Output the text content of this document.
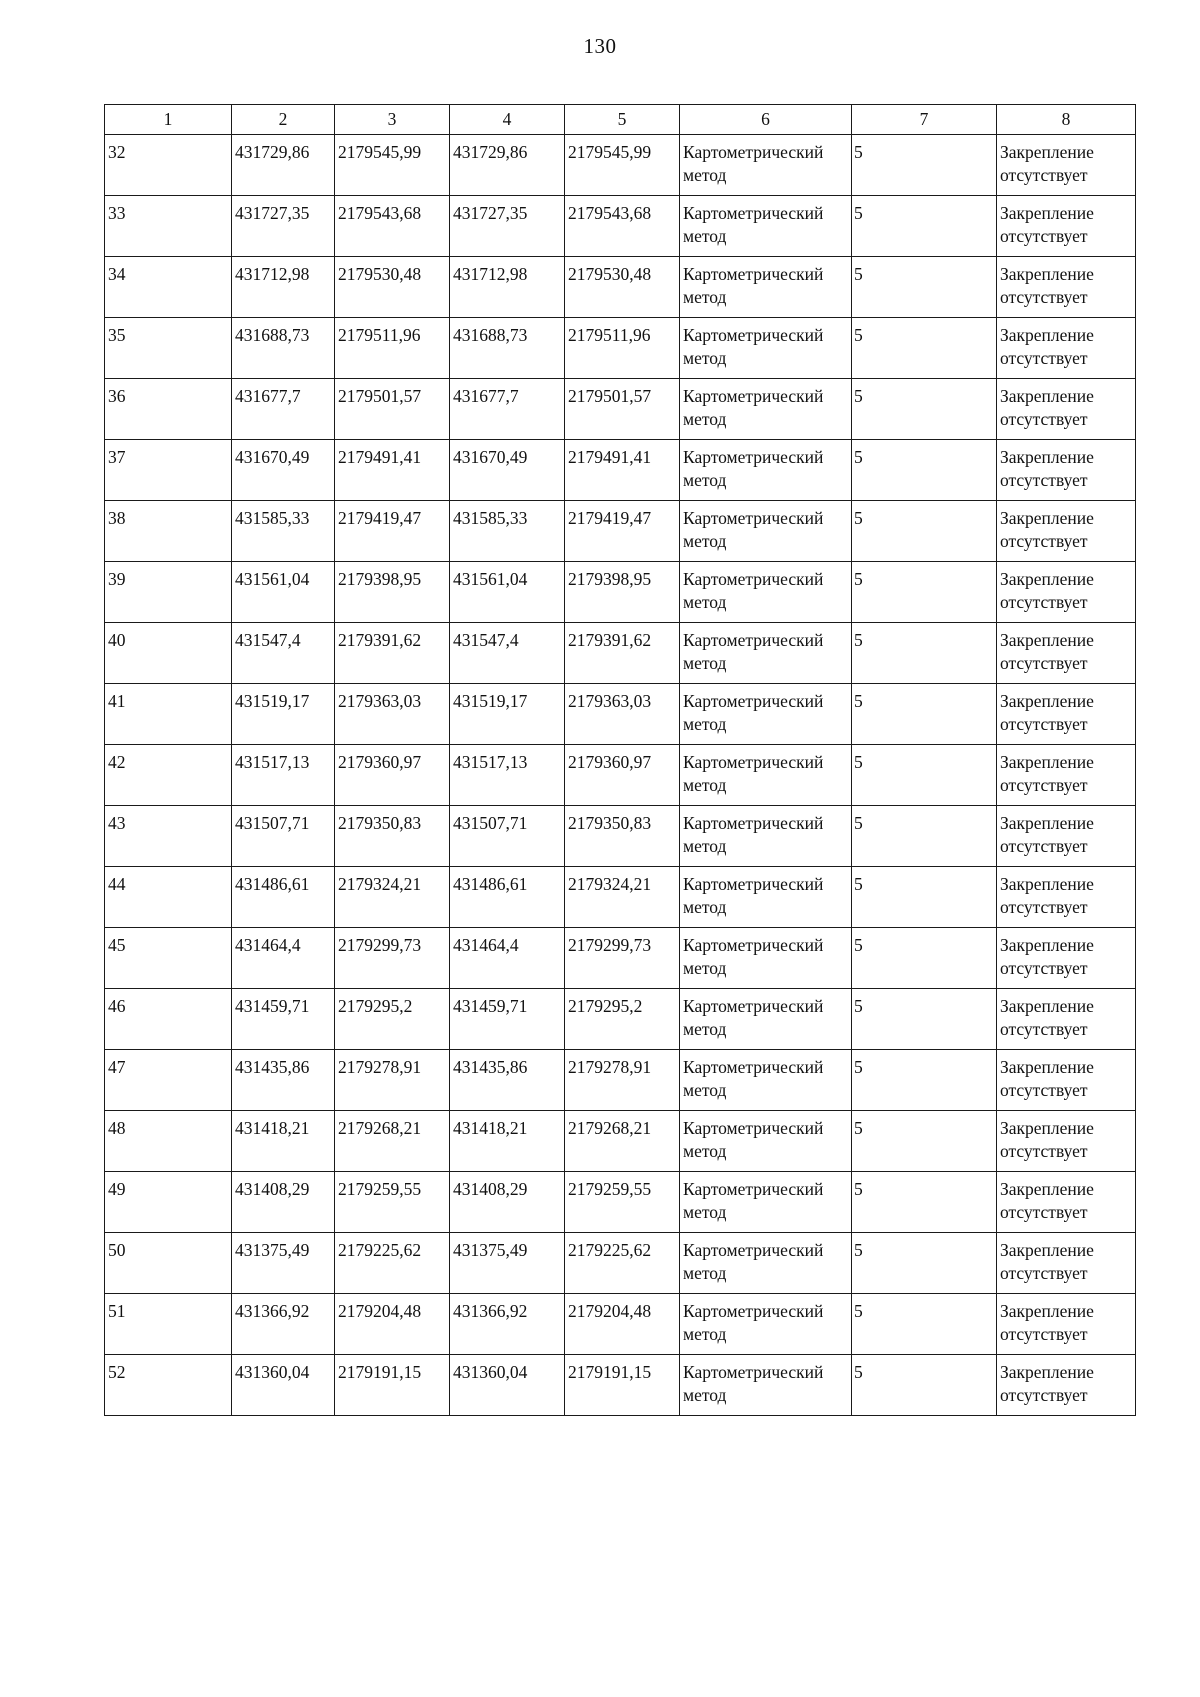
130
1	2	3	4	5	6	7	8
32	431729,86	2179545,99	431729,86	2179545,99	Картометрический метод	5	Закрепление отсутствует
33	431727,35	2179543,68	431727,35	2179543,68	Картометрический метод	5	Закрепление отсутствует
34	431712,98	2179530,48	431712,98	2179530,48	Картометрический метод	5	Закрепление отсутствует
35	431688,73	2179511,96	431688,73	2179511,96	Картометрический метод	5	Закрепление отсутствует
36	431677,7	2179501,57	431677,7	2179501,57	Картометрический метод	5	Закрепление отсутствует
37	431670,49	2179491,41	431670,49	2179491,41	Картометрический метод	5	Закрепление отсутствует
38	431585,33	2179419,47	431585,33	2179419,47	Картометрический метод	5	Закрепление отсутствует
39	431561,04	2179398,95	431561,04	2179398,95	Картометрический метод	5	Закрепление отсутствует
40	431547,4	2179391,62	431547,4	2179391,62	Картометрический метод	5	Закрепление отсутствует
41	431519,17	2179363,03	431519,17	2179363,03	Картометрический метод	5	Закрепление отсутствует
42	431517,13	2179360,97	431517,13	2179360,97	Картометрический метод	5	Закрепление отсутствует
43	431507,71	2179350,83	431507,71	2179350,83	Картометрический метод	5	Закрепление отсутствует
44	431486,61	2179324,21	431486,61	2179324,21	Картометрический метод	5	Закрепление отсутствует
45	431464,4	2179299,73	431464,4	2179299,73	Картометрический метод	5	Закрепление отсутствует
46	431459,71	2179295,2	431459,71	2179295,2	Картометрический метод	5	Закрепление отсутствует
47	431435,86	2179278,91	431435,86	2179278,91	Картометрический метод	5	Закрепление отсутствует
48	431418,21	2179268,21	431418,21	2179268,21	Картометрический метод	5	Закрепление отсутствует
49	431408,29	2179259,55	431408,29	2179259,55	Картометрический метод	5	Закрепление отсутствует
50	431375,49	2179225,62	431375,49	2179225,62	Картометрический метод	5	Закрепление отсутствует
51	431366,92	2179204,48	431366,92	2179204,48	Картометрический метод	5	Закрепление отсутствует
52	431360,04	2179191,15	431360,04	2179191,15	Картометрический метод	5	Закрепление отсутствует
